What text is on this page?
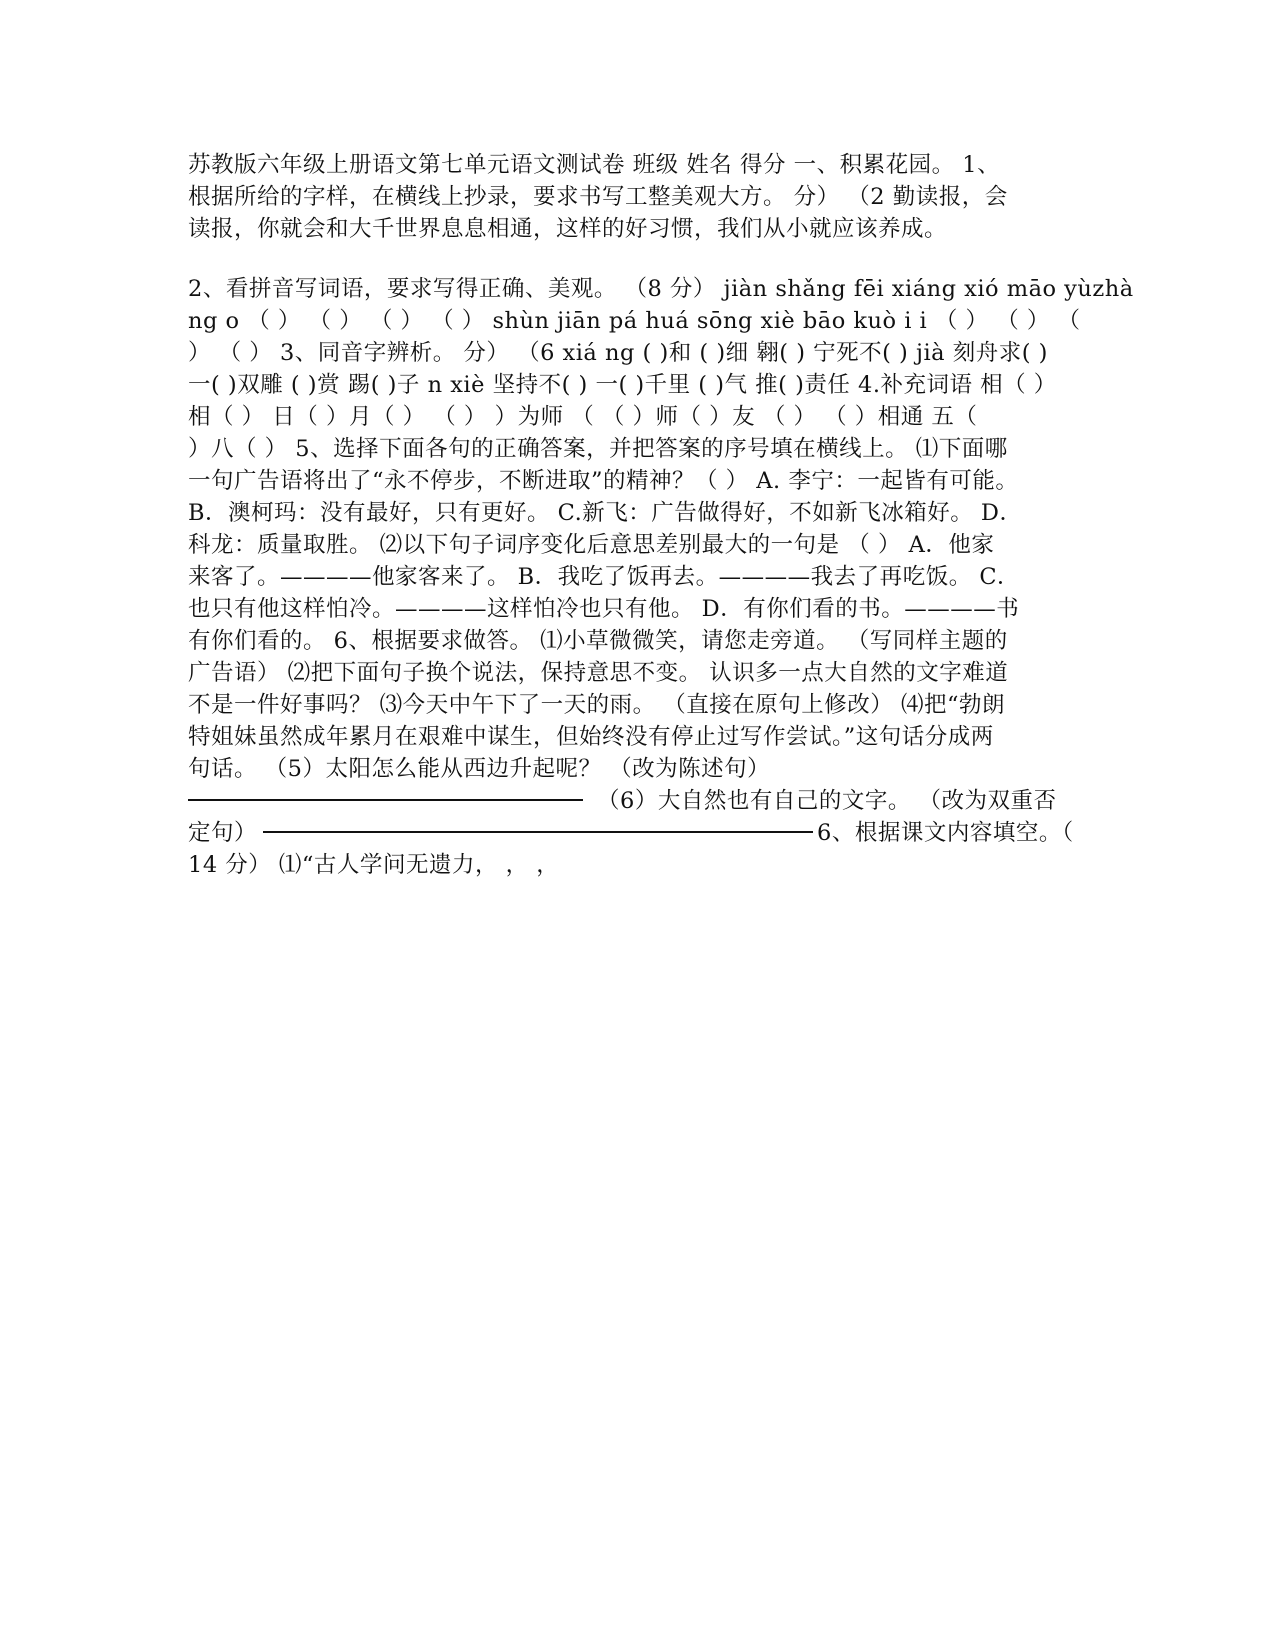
苏教版六年级上册语文第七单元语文测试卷 班级 姓名 得分 一、积累花园。 1、
根据所给的字样，在横线上抄录，要求书写工整美观大方。 分） （2 勤读报，会
读报，你就会和大千世界息息相通，这样的好习惯，我们从小就应该养成。
2、看拼音写词语，要求写得正确、美观。 （8 分） jiàn shǎng fēi xiáng xió māo yùzhà
ng o （ ） （ ） （ ） （ ） shùn jiān pá huá sōng xiè bāo kuò i i （ ） （ ） （
） （ ） 3、同音字辨析。 分） （6 xiá ng ( )和 ( )细 翱( ) 宁死不( ) jià 刻舟求( )
一( )双雕 ( )赏 踢( )子 n xiè 坚持不( ) 一( )千里 ( )气 推( )责任 4.补充词语 相（ ）
相（ ） 日（ ）月（ ） （ ） ）为师 （ （ ）师（ ）友 （ ） （ ）相通 五（
）八（ ） 5、选择下面各句的正确答案，并把答案的序号填在横线上。 ⑴下面哪
一句广告语将出了“永不停步，不断进取”的精神？（ ） A. 李宁：一起皆有可能。
B．澳柯玛：没有最好，只有更好。 C.新飞：广告做得好，不如新飞冰箱好。 D．
科龙：质量取胜。 ⑵以下句子词序变化后意思差别最大的一句是 （ ） A．他家
来客了。————他家客来了。 B．我吃了饭再去。————我去了再吃饭。 C．
也只有他这样怕冷。————这样怕冷也只有他。 D．有你们看的书。————书
有你们看的。 6、根据要求做答。 ⑴小草微微笑，请您走旁道。 （写同样主题的
广告语） ⑵把下面句子换个说法，保持意思不变。 认识多一点大自然的文字难道
不是一件好事吗？ ⑶今天中午下了一天的雨。 （直接在原句上修改） ⑷把“勃朗
特姐妹虽然成年累月在艰难中谋生，但始终没有停止过写作尝试。”这句话分成两
句话。 （5）太阳怎么能从西边升起呢？ （改为陈述句）
（6）大自然也有自己的文字。 （改为双重否
定句）	6、根据课文内容填空。（
14 分） ⑴“古人学问无遗力， ， ，
